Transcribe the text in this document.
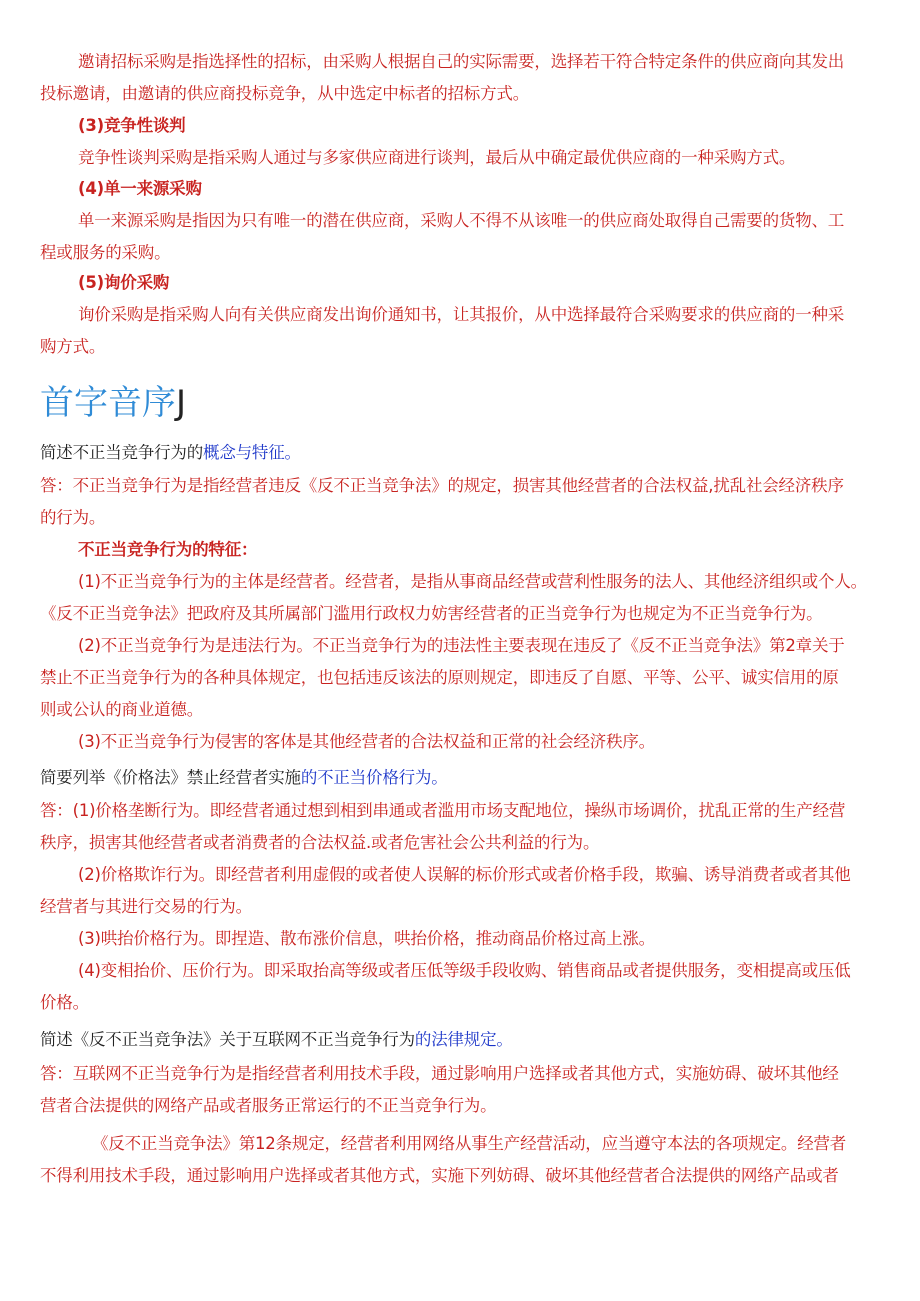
邀请招标采购是指选择性的招标，由采购人根据自己的实际需要，选择若干符合特定条件的供应商向其发出
投标邀请，由邀请的供应商投标竞争，从中选定中标者的招标方式。
(3)竞争性谈判
竞争性谈判采购是指采购人通过与多家供应商进行谈判，最后从中确定最优供应商的一种采购方式。
(4)单一来源采购
单一来源采购是指因为只有唯一的潜在供应商，采购人不得不从该唯一的供应商处取得自己需要的货物、工
程或服务的采购。
(5)询价采购
询价采购是指采购人向有关供应商发出询价通知书，让其报价，从中选择最符合采购要求的供应商的一种采
购方式。
首字音序J
简述不正当竞争行为的概念与特征。
答：不正当竞争行为是指经营者违反《反不正当竞争法》的规定，损害其他经营者的合法权益,扰乱社会经济秩序
的行为。
不正当竞争行为的特征：
(1)不正当竞争行为的主体是经营者。经营者，是指从事商品经营或营利性服务的法人、其他经济组织或个人。
《反不正当竞争法》把政府及其所属部门滥用行政权力妨害经营者的正当竞争行为也规定为不正当竞争行为。
(2)不正当竞争行为是违法行为。不正当竞争行为的违法性主要表现在违反了《反不正当竞争法》第2章关于
禁止不正当竞争行为的各种具体规定，也包括违反该法的原则规定，即违反了自愿、平等、公平、诚实信用的原
则或公认的商业道德。
(3)不正当竞争行为侵害的客体是其他经营者的合法权益和正常的社会经济秩序。
简要列举《价格法》禁止经营者实施的不正当价格行为。
答：(1)价格垄断行为。即经营者通过想到相到串通或者滥用市场支配地位，操纵市场调价，扰乱正常的生产经营
秩序，损害其他经营者或者消费者的合法权益.或者危害社会公共利益的行为。
(2)价格欺诈行为。即经营者利用虚假的或者使人误解的标价形式或者价格手段，欺骗、诱导消费者或者其他
经营者与其进行交易的行为。
(3)哄抬价格行为。即捏造、散布涨价信息，哄抬价格，推动商品价格过高上涨。
(4)变相抬价、压价行为。即采取抬高等级或者压低等级手段收购、销售商品或者提供服务，变相提高或压低
价格。
简述《反不正当竞争法》关于互联网不正当竞争行为的法律规定。
答：互联网不正当竞争行为是指经营者利用技术手段，通过影响用户选择或者其他方式，实施妨碍、破坏其他经
营者合法提供的网络产品或者服务正常运行的不正当竞争行为。
《反不正当竞争法》第12条规定，经营者利用网络从事生产经营活动，应当遵守本法的各项规定。经营者
不得利用技术手段，通过影响用户选择或者其他方式，实施下列妨碍、破坏其他经营者合法提供的网络产品或者
